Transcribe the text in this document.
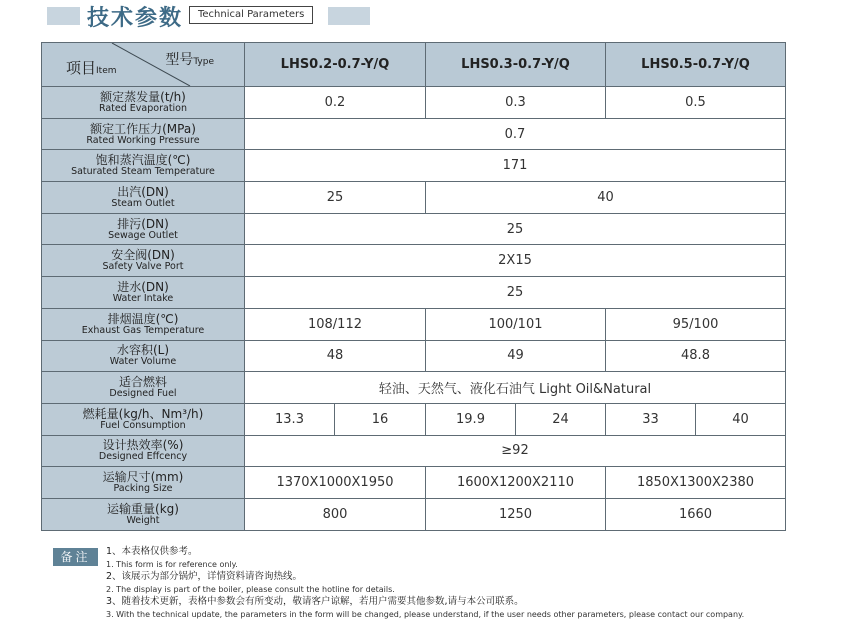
技术参数	Technical Parameters
型号Type
项目Item	LHS0.2-0.7-Y/Q		LHS0.3-0.7-Y/Q		LHS0.5-0.7-Y/Q	

额定蒸发量(t/h)
Rated Evaporation	0.2		0.3		0.5	

额定工作压力(MPa)
Rated Working Pressure	0.7					

饱和蒸汽温度(℃)
Saturated Steam Temperature	171					

出汽(DN)
Steam Outlet	25		40			

排污(DN)
Sewage Outlet	25					

安全阀(DN)
Safety Valve Port	2X15					

进水(DN)
Water Intake	25					

排烟温度(℃)
Exhaust Gas Temperature	108/112		100/101		95/100	

水容积(L)
Water Volume	48		49		48.8	

适合燃料
Designed Fuel	轻油、天然气、液化石油气 Light Oil&Natural					

燃耗量(kg/h、Nm³/h)
Fuel Consumption	13.3	16	19.9	24	33	40

设计热效率(%)
Designed Effcency	≥92					

运输尺寸(mm)
Packing Size	1370X1000X1950		1600X1200X2110		1850X1300X2380	

运输重量(kg)
Weight	800		1250		1660	
备注	1、本表格仅供参考。
1. This form is for reference only.
2、该展示为部分锅炉，详情资料请咨询热线。
2. The display is part of the boiler, please consult the hotline for details.
3、随着技术更新，表格中参数会有所变动，敬请客户谅解，若用户需要其他参数,请与本公司联系。
3. With the technical update, the parameters in the form will be changed, please understand, if the user needs other parameters, please contact our company.
